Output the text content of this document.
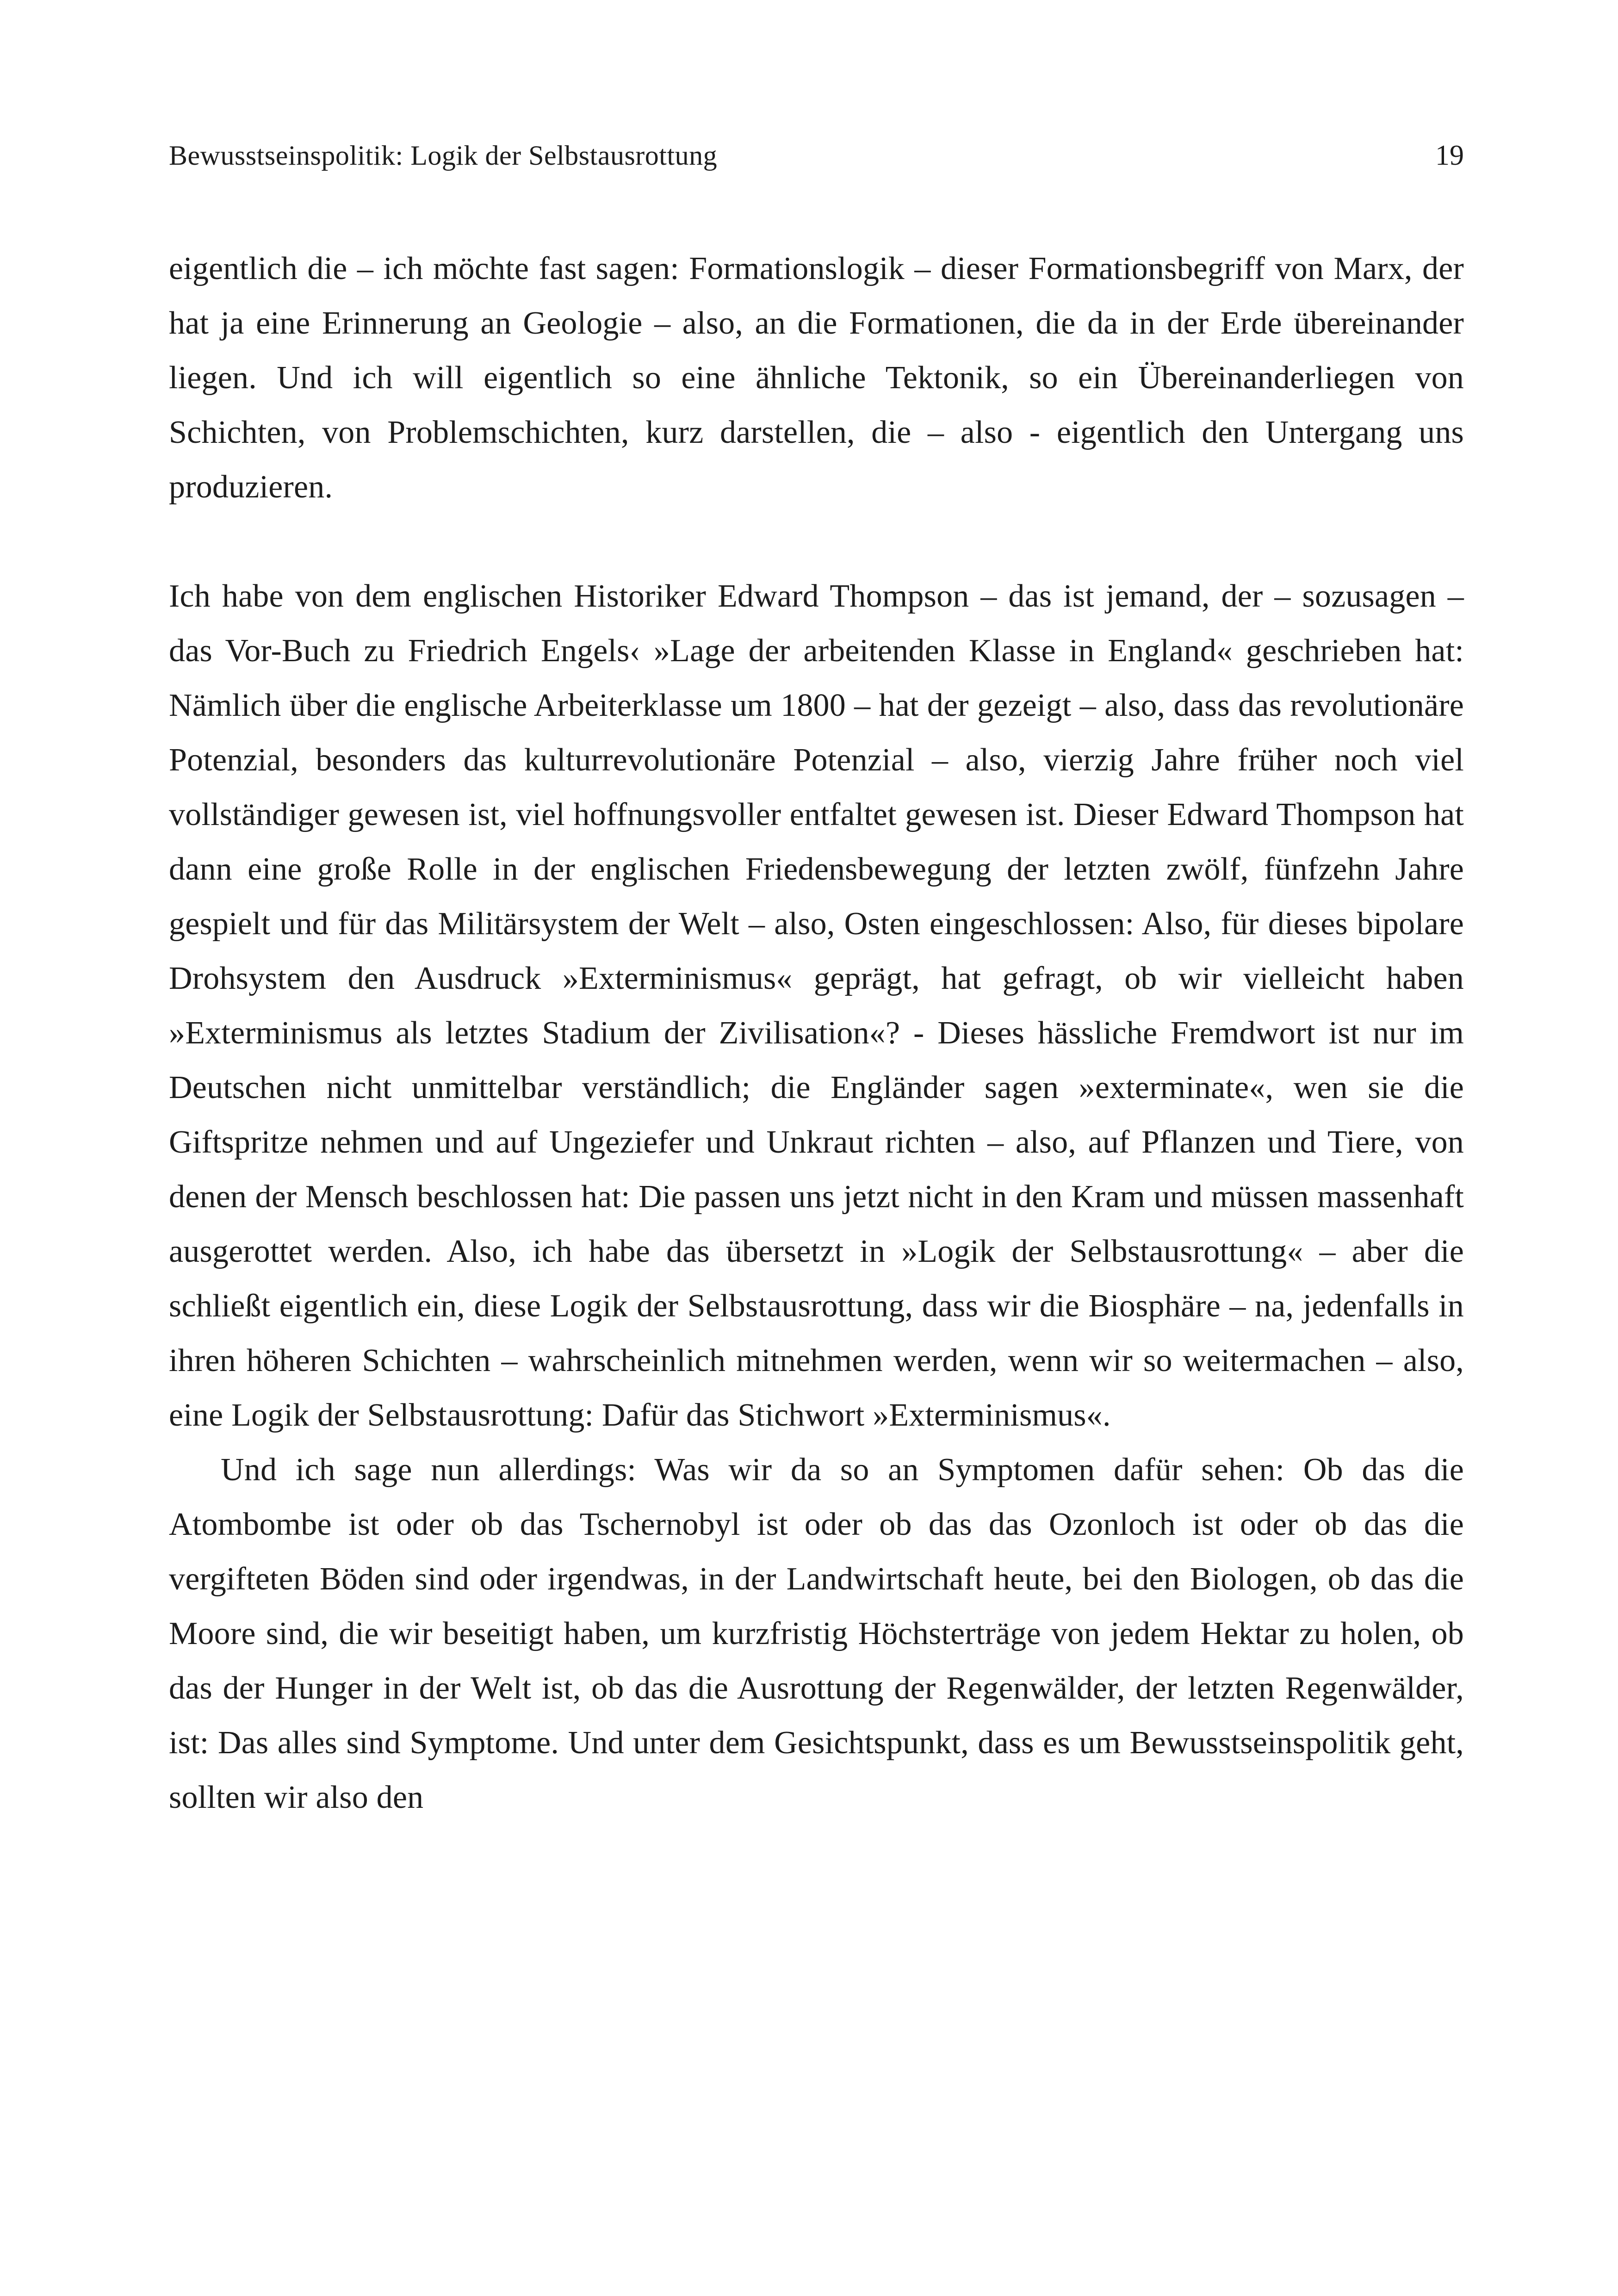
Bewusstseinspolitik: Logik der Selbstausrottung	19

eigentlich die – ich möchte fast sagen: Formationslogik – dieser Formationsbegriff von Marx, der hat ja eine Erinnerung an Geologie – also, an die Formationen, die da in der Erde übereinander liegen. Und ich will eigentlich so eine ähnliche Tektonik, so ein Übereinanderliegen von Schichten, von Problemschichten, kurz darstellen, die – also - eigentlich den Untergang uns produzieren.

Ich habe von dem englischen Historiker Edward Thompson – das ist jemand, der – sozusagen – das Vor-Buch zu Friedrich Engels‹ »Lage der arbeitenden Klasse in England« geschrieben hat: Nämlich über die englische Arbeiterklasse um 1800 – hat der gezeigt – also, dass das revolutionäre Potenzial, besonders das kulturrevolutionäre Potenzial – also, vierzig Jahre früher noch viel vollständiger gewesen ist, viel hoffnungsvoller entfaltet gewesen ist. Dieser Edward Thompson hat dann eine große Rolle in der englischen Friedensbewegung der letzten zwölf, fünfzehn Jahre gespielt und für das Militärsystem der Welt – also, Osten eingeschlossen: Also, für dieses bipolare Drohsystem den Ausdruck »Exterminismus« geprägt, hat gefragt, ob wir vielleicht haben »Exterminismus als letztes Stadium der Zivilisation«? - Dieses hässliche Fremdwort ist nur im Deutschen nicht unmittelbar verständlich; die Engländer sagen »exterminate«, wen sie die Giftspritze nehmen und auf Ungeziefer und Unkraut richten – also, auf Pflanzen und Tiere, von denen der Mensch beschlossen hat: Die passen uns jetzt nicht in den Kram und müssen massenhaft ausgerottet werden. Also, ich habe das übersetzt in »Logik der Selbstausrottung« – aber die schließt eigentlich ein, diese Logik der Selbstausrottung, dass wir die Biosphäre – na, jedenfalls in ihren höheren Schichten – wahrscheinlich mitnehmen werden, wenn wir so weitermachen – also, eine Logik der Selbstausrottung: Dafür das Stichwort »Exterminismus«.

Und ich sage nun allerdings: Was wir da so an Symptomen dafür sehen: Ob das die Atombombe ist oder ob das Tschernobyl ist oder ob das das Ozonloch ist oder ob das die vergifteten Böden sind oder irgendwas, in der Landwirtschaft heute, bei den Biologen, ob das die Moore sind, die wir beseitigt haben, um kurzfristig Höchsterträge von jedem Hektar zu holen, ob das der Hunger in der Welt ist, ob das die Ausrottung der Regenwälder, der letzten Regenwälder, ist: Das alles sind Symptome. Und unter dem Gesichtspunkt, dass es um Bewusstseinspolitik geht, sollten wir also den
